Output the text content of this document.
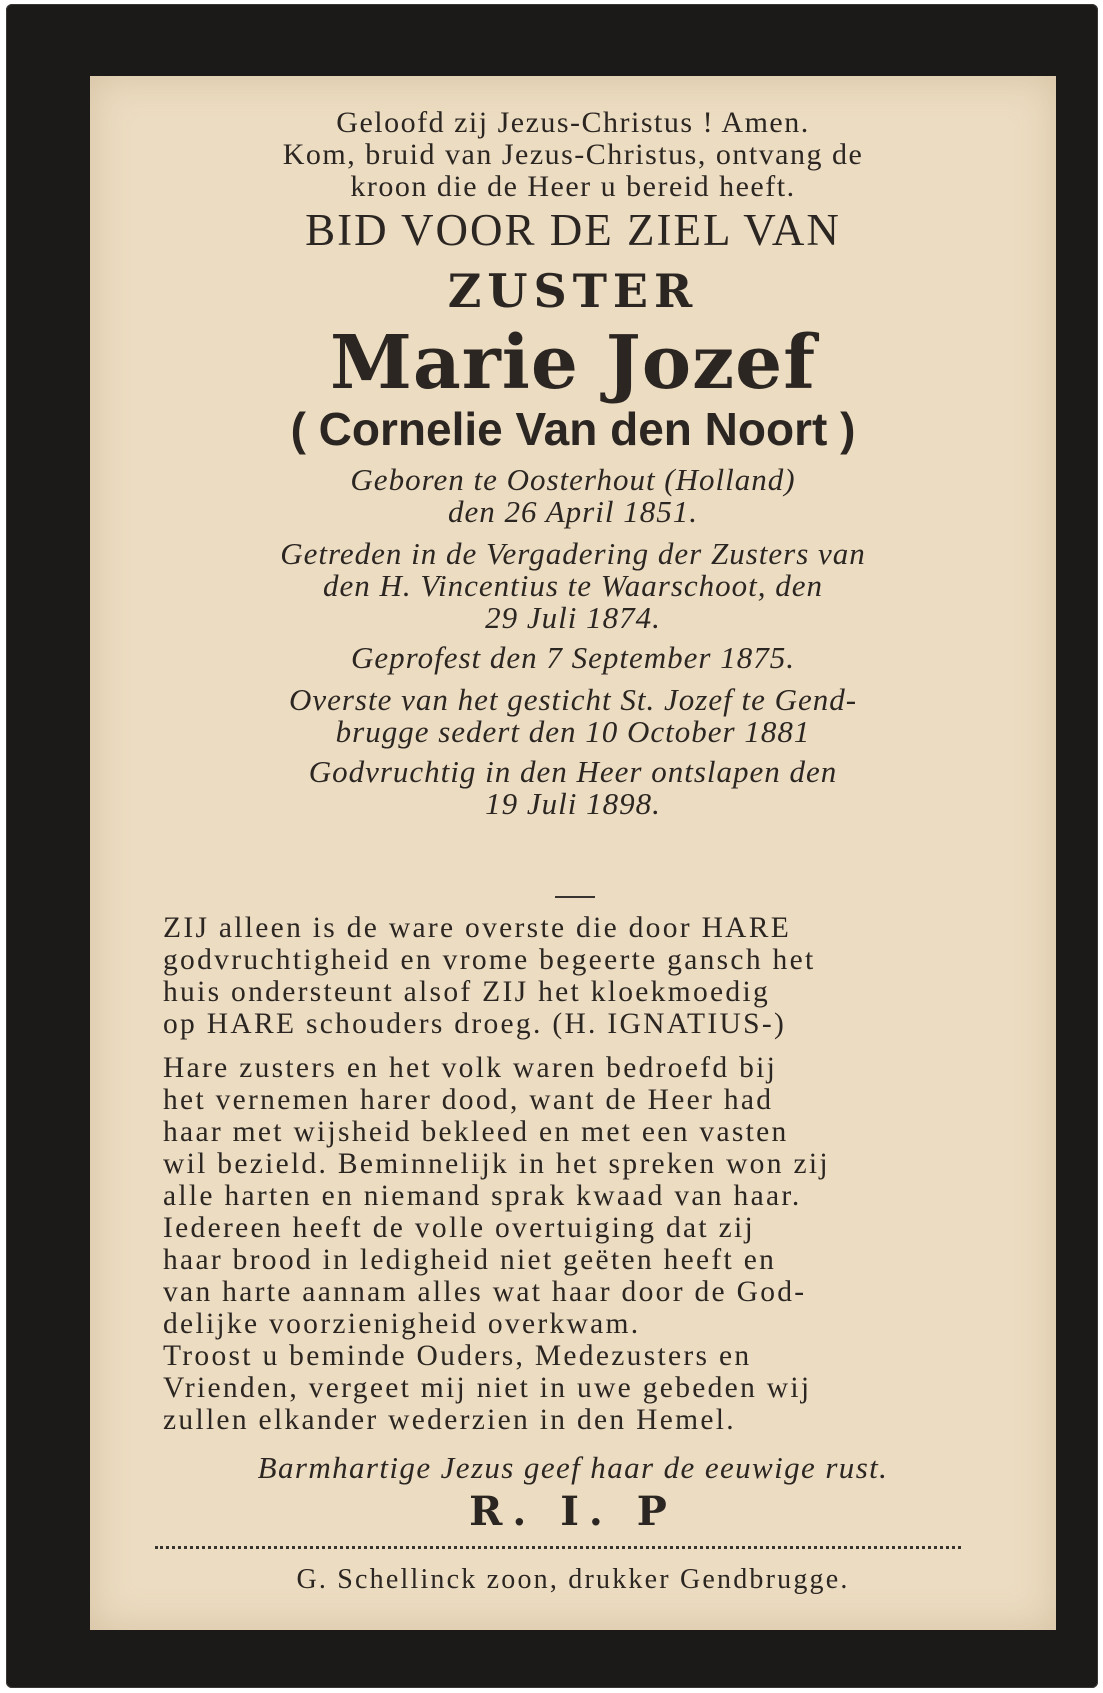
Geloofd zij Jezus-Christus ! Amen.
Kom, bruid van Jezus-Christus, ontvang de
kroon die de Heer u bereid heeft.
BID VOOR DE ZIEL VAN
ZUSTER
Marie Jozef
( Cornelie Van den Noort )
Geboren te Oosterhout (Holland)
den 26 April 1851.
Getreden in de Vergadering der Zusters van
den H. Vincentius te Waarschoot, den
29 Juli 1874.
Geprofest den 7 September 1875.
Overste van het gesticht St. Jozef te Gend-
brugge sedert den 10 October 1881
Godvruchtig in den Heer ontslapen den
19 Juli 1898.
ZIJ alleen is de ware overste die door HARE
godvruchtigheid en vrome begeerte gansch het
huis ondersteunt alsof ZIJ het kloekmoedig
op HARE schouders droeg. (H. IGNATIUS-)
Hare zusters en het volk waren bedroefd bij
het vernemen harer dood, want de Heer had
haar met wijsheid bekleed en met een vasten
wil bezield. Beminnelijk in het spreken won zij
alle harten en niemand sprak kwaad van haar.
Iedereen heeft de volle overtuiging dat zij
haar brood in ledigheid niet geëten heeft en
van harte aannam alles wat haar door de God-
delijke voorzienigheid overkwam.
Troost u beminde Ouders, Medezusters en
Vrienden, vergeet mij niet in uwe gebeden wij
zullen elkander wederzien in den Hemel.
Barmhartige Jezus geef haar de eeuwige rust.
R. I. P
G. Schellinck zoon, drukker Gendbrugge.
